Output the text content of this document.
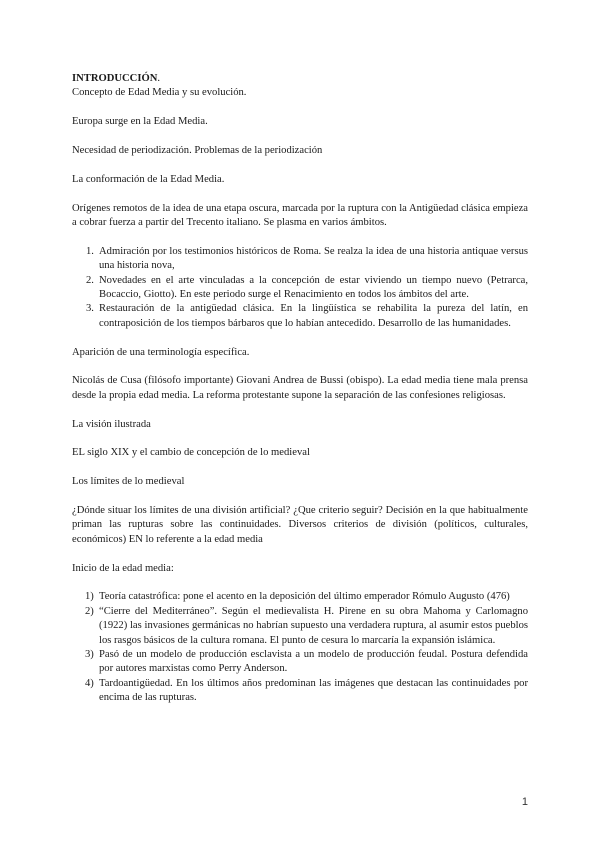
INTRODUCCIÓN.

Concepto de Edad Media y su evolución.

Europa surge en la Edad Media.

Necesidad de periodización. Problemas de la periodización

La conformación de la Edad Media.

Orígenes remotos de la idea de una etapa oscura, marcada por la ruptura con la Antigüedad clásica empieza a cobrar fuerza a partir del Trecento italiano. Se plasma en varios ámbitos.

1. Admiración por los testimonios históricos de Roma. Se realza la idea de una historia antiquae versus una historia nova,
2. Novedades en el arte vinculadas a la concepción de estar viviendo un tiempo nuevo (Petrarca, Bocaccio, Giotto). En este periodo surge el Renacimiento en todos los ámbitos del arte.
3. Restauración de la antigüedad clásica. En la lingüística se rehabilita la pureza del latín, en contraposición de los tiempos bárbaros que lo habían antecedido. Desarrollo de las humanidades.

Aparición de una terminología específica.

Nicolás de Cusa (filósofo importante) Giovani Andrea de Bussi (obispo). La edad media tiene mala prensa desde la propia edad media. La reforma protestante supone la separación de las confesiones religiosas.

La visión ilustrada

EL siglo XIX y el cambio de concepción de lo medieval

Los límites de lo medieval

¿Dónde situar los límites de una división artificial? ¿Que criterio seguir? Decisión en la que habitualmente priman las rupturas sobre las continuidades. Diversos criterios de división (políticos, culturales, económicos) EN lo referente a la edad media

Inicio de la edad media:

1) Teoría catastrófica: pone el acento en la deposición del último emperador Rómulo Augusto (476)
2) “Cierre del Mediterráneo”. Según el medievalista H. Pirene en su obra Mahoma y Carlomagno (1922) las invasiones germánicas no habrían supuesto una verdadera ruptura, al asumir estos pueblos los rasgos básicos de la cultura romana. El punto de cesura lo marcaría la expansión islámica.
3) Pasó de un modelo de producción esclavista a un modelo de producción feudal. Postura defendida por autores marxistas como Perry Anderson.
4) Tardoantigüedad. En los últimos años predominan las imágenes que destacan las continuidades por encima de las rupturas.
1
